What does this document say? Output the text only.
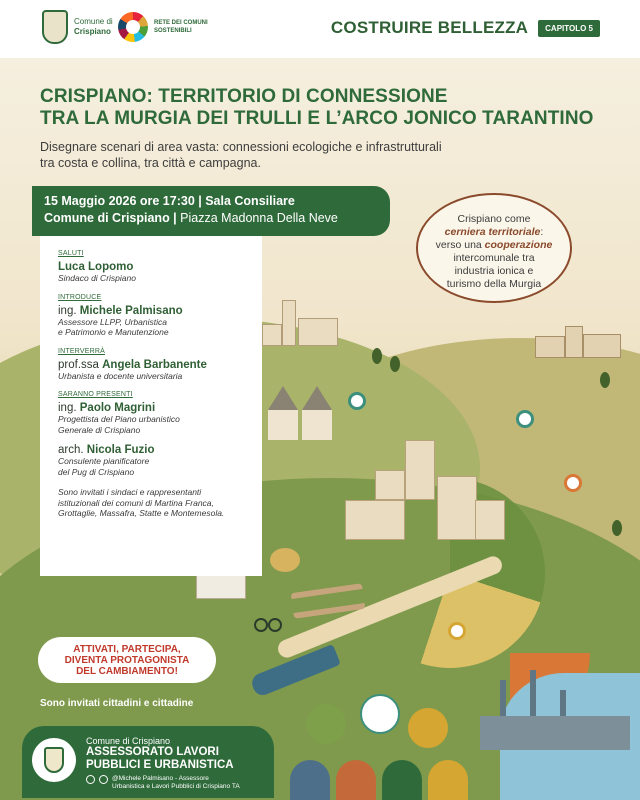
Comune di
Crispiano
RETE DEI COMUNI SOSTENIBILI	COSTRUIRE BELLEZZA	CAPITOLO 5
CRISPIANO: TERRITORIO DI CONNESSIONE
TRA LA MURGIA DEI TRULLI E L’ARCO JONICO TARANTINO
Disegnare scenari di area vasta: connessioni ecologiche e infrastrutturali
tra costa e collina, tra città e campagna.
15 Maggio 2026 ore 17:30 | Sala Consiliare
Comune di Crispiano | Piazza Madonna Della Neve
SALUTI
Luca Lopomo
Sindaco di Crispiano
INTRODUCE
ing. Michele Palmisano
Assessore LLPP, Urbanistica
e Patrimonio e Manutenzione
INTERVERRÀ
prof.ssa Angela Barbanente
Urbanista e docente universitaria
SARANNO PRESENTI
ing. Paolo Magrini
Progettista del Piano urbanistico
Generale di Crispiano
arch. Nicola Fuzio
Consulente pianificatore
del Pug di Crispiano
Sono invitati i sindaci e rappresentanti istituzionali dei comuni di Martina Franca, Grottaglie, Massafra, Statte e Montemesola.
Crispiano come
cerniera territoriale:
verso una cooperazione
intercomunale tra
industria ionica e
turismo della Murgia
ATTIVATI, PARTECIPA,
DIVENTA PROTAGONISTA
DEL CAMBIAMENTO!
Sono invitati cittadini e cittadine
Comune di Crispiano
ASSESSORATO LAVORI
PUBBLICI E URBANISTICA
@Michele Palmisano - Assessore
Urbanistica e Lavori Pubblici di Crispiano TA
